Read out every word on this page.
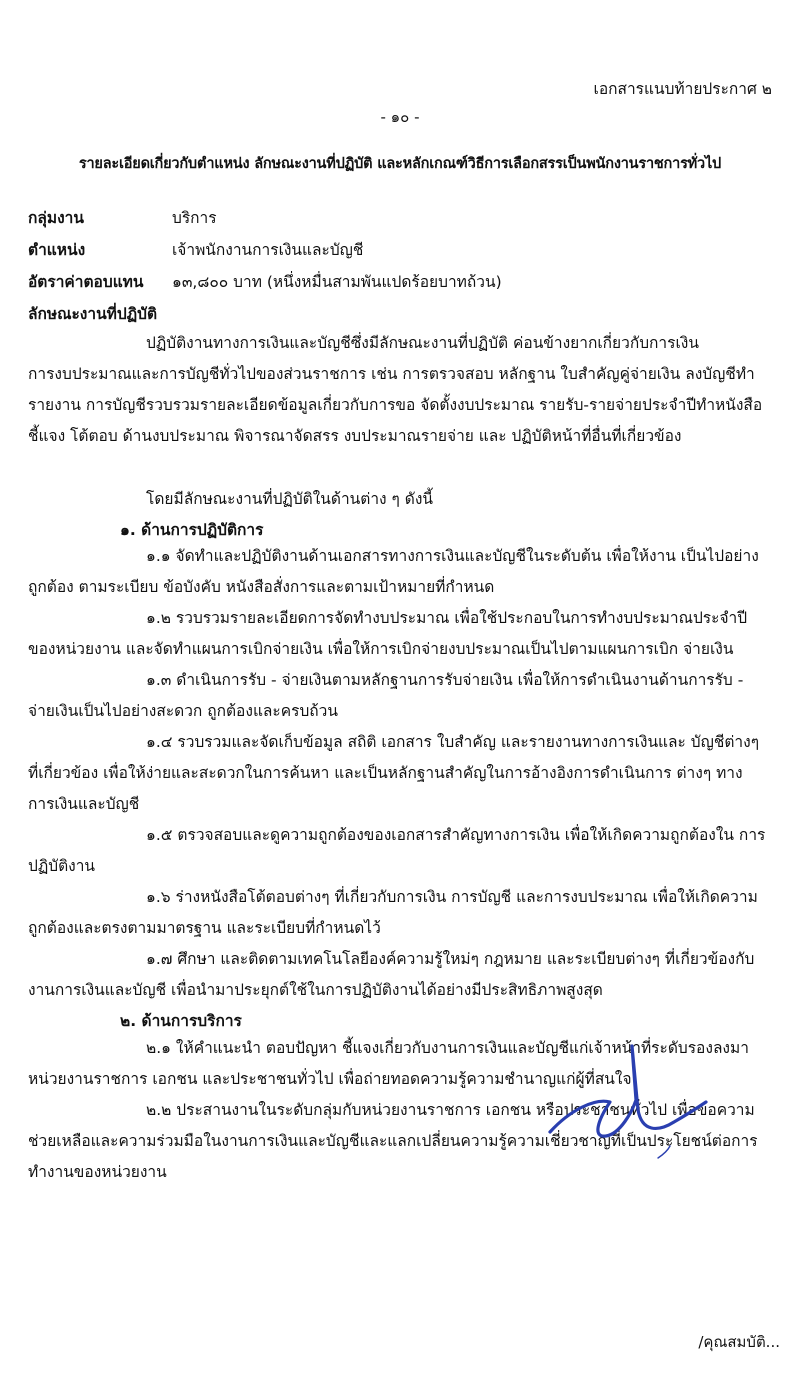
เอกสารแนบท้ายประกาศ ๒
- ๑๐ -
รายละเอียดเกี่ยวกับตำแหน่ง ลักษณะงานที่ปฏิบัติ และหลักเกณฑ์วิธีการเลือกสรรเป็นพนักงานราชการทั่วไป
กลุ่มงาน	บริการ
ตำแหน่ง	เจ้าพนักงานการเงินและบัญชี
อัตราค่าตอบแทน ๑๓,๘๐๐ บาท (หนึ่งหมื่นสามพันแปดร้อยบาทถ้วน)
ลักษณะงานที่ปฏิบัติ
ปฏิบัติงานทางการเงินและบัญชีซึ่งมีลักษณะงานที่ปฏิบัติ ค่อนข้างยากเกี่ยวกับการเงิน
การงบประมาณและการบัญชีทั่วไปของส่วนราชการ เช่น การตรวจสอบ หลักฐาน ใบสำคัญคู่จ่ายเงิน ลงบัญชีทำ
รายงาน การบัญชีรวบรวมรายละเอียดข้อมูลเกี่ยวกับการขอ จัดตั้งงบประมาณ รายรับ-รายจ่ายประจำปีทำหนังสือ
ชี้แจง โต้ตอบ ด้านงบประมาณ พิจารณาจัดสรร งบประมาณรายจ่าย และ ปฏิบัติหน้าที่อื่นที่เกี่ยวข้อง
โดยมีลักษณะงานที่ปฏิบัติในด้านต่าง ๆ ดังนี้
๑. ด้านการปฏิบัติการ
๑.๑ จัดทำและปฏิบัติงานด้านเอกสารทางการเงินและบัญชีในระดับต้น เพื่อให้งาน เป็นไปอย่าง
ถูกต้อง ตามระเบียบ ข้อบังคับ หนังสือสั่งการและตามเป้าหมายที่กำหนด
๑.๒ รวบรวมรายละเอียดการจัดทำงบประมาณ เพื่อใช้ประกอบในการทำงบประมาณประจำปี
ของหน่วยงาน และจัดทำแผนการเบิกจ่ายเงิน เพื่อให้การเบิกจ่ายงบประมาณเป็นไปตามแผนการเบิก จ่ายเงิน
๑.๓ ดำเนินการรับ - จ่ายเงินตามหลักฐานการรับจ่ายเงิน เพื่อให้การดำเนินงานด้านการรับ -
จ่ายเงินเป็นไปอย่างสะดวก ถูกต้องและครบถ้วน
๑.๔ รวบรวมและจัดเก็บข้อมูล สถิติ เอกสาร ใบสำคัญ และรายงานทางการเงินและ บัญชีต่างๆ
ที่เกี่ยวข้อง เพื่อให้ง่ายและสะดวกในการค้นหา และเป็นหลักฐานสำคัญในการอ้างอิงการดำเนินการ ต่างๆ ทาง
การเงินและบัญชี
๑.๕ ตรวจสอบและดูความถูกต้องของเอกสารสำคัญทางการเงิน เพื่อให้เกิดความถูกต้องใน การ
ปฏิบัติงาน
๑.๖ ร่างหนังสือโต้ตอบต่างๆ ที่เกี่ยวกับการเงิน การบัญชี และการงบประมาณ เพื่อให้เกิดความ
ถูกต้องและตรงตามมาตรฐาน และระเบียบที่กำหนดไว้
๑.๗ ศึกษา และติดตามเทคโนโลยีองค์ความรู้ใหม่ๆ กฎหมาย และระเบียบต่างๆ ที่เกี่ยวข้องกับ
งานการเงินและบัญชี เพื่อนำมาประยุกต์ใช้ในการปฏิบัติงานได้อย่างมีประสิทธิภาพสูงสุด
๒. ด้านการบริการ
๒.๑ ให้คำแนะนำ ตอบปัญหา ชี้แจงเกี่ยวกับงานการเงินและบัญชีแก่เจ้าหน้าที่ระดับรองลงมา
หน่วยงานราชการ เอกชน และประชาชนทั่วไป เพื่อถ่ายทอดความรู้ความชำนาญแก่ผู้ที่สนใจ
๒.๒ ประสานงานในระดับกลุ่มกับหน่วยงานราชการ เอกชน หรือประชาชนทั่วไป เพื่อขอความ
ช่วยเหลือและความร่วมมือในงานการเงินและบัญชีและแลกเปลี่ยนความรู้ความเชี่ยวชาญที่เป็นประโยชน์ต่อการ
ทำงานของหน่วยงาน
/คุณสมบัติ...
